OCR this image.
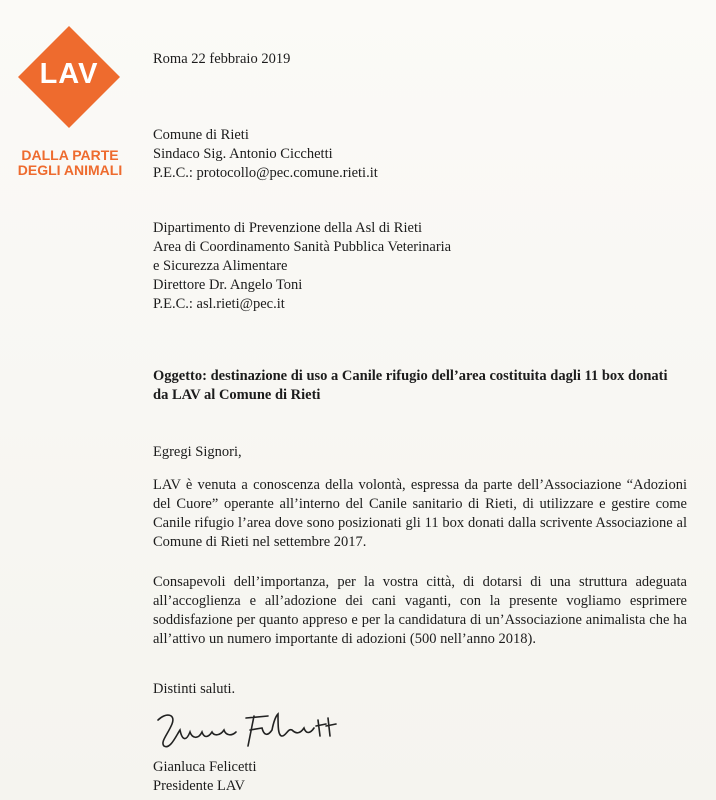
LAV
DALLA PARTE
DEGLI ANIMALI
Roma 22 febbraio 2019
Comune di Rieti
Sindaco Sig. Antonio Cicchetti
P.E.C.: protocollo@pec.comune.rieti.it
Dipartimento di Prevenzione della Asl di Rieti
Area di Coordinamento Sanità Pubblica Veterinaria
e Sicurezza Alimentare
Direttore Dr. Angelo Toni
P.E.C.: asl.rieti@pec.it
Oggetto: destinazione di uso a Canile rifugio dell’area costituita dagli 11 box donati da LAV al Comune di Rieti
Egregi Signori,
LAV è venuta a conoscenza della volontà, espressa da parte dell’Associazione “Adozioni del Cuore” operante all’interno del Canile sanitario di Rieti, di utilizzare e gestire come Canile rifugio l’area dove sono posizionati gli 11 box donati dalla scrivente Associazione al Comune di Rieti nel settembre 2017.
Consapevoli dell’importanza, per la vostra città, di dotarsi di una struttura adeguata all’accoglienza e all’adozione dei cani vaganti, con la presente vogliamo esprimere soddisfazione per quanto appreso e per la candidatura di un’Associazione animalista che ha all’attivo un numero importante di adozioni (500 nell’anno 2018).
Distinti saluti.
Gianluca Felicetti
Presidente LAV
